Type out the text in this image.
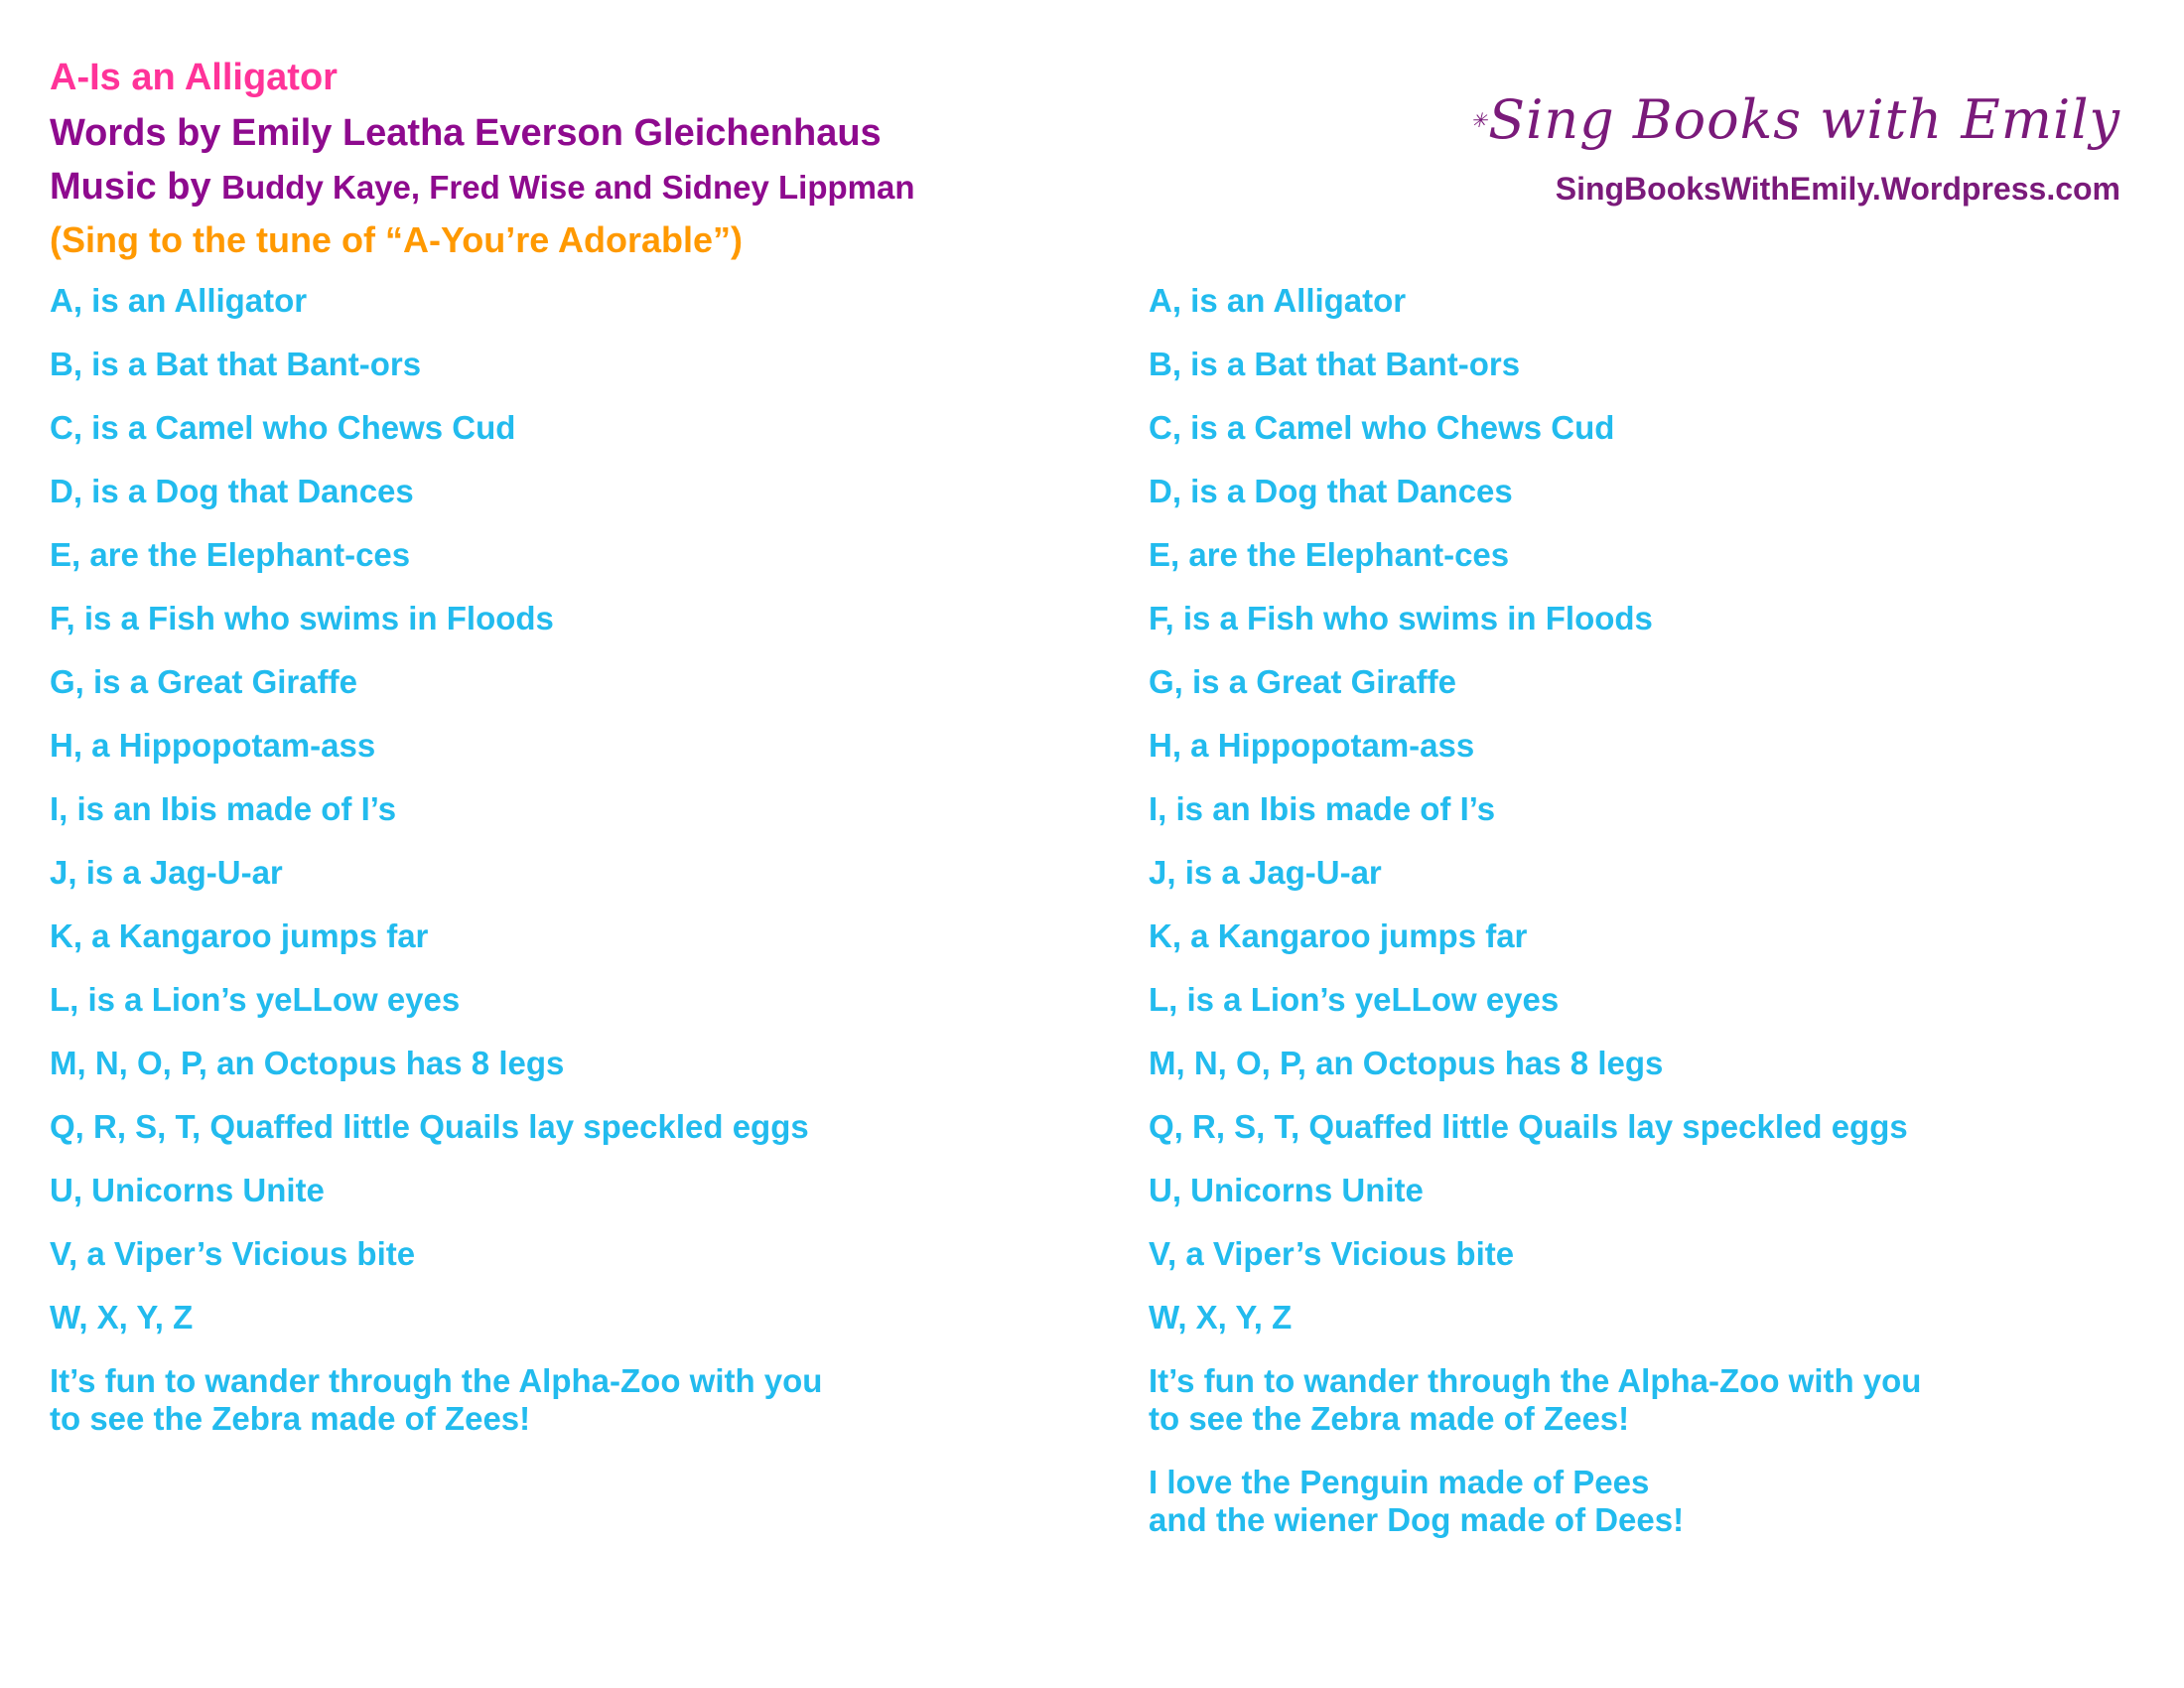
A-Is an Alligator
Words by Emily Leatha Everson Gleichenhaus
Music by Buddy Kaye, Fred Wise and Sidney Lippman
(Sing to the tune of “A-You’re Adorable”)
✳Sing Books with Emily
SingBooksWithEmily.Wordpress.com
A, is an Alligator
B, is a Bat that Bant-ors
C, is a Camel who Chews Cud
D, is a Dog that Dances
E, are the Elephant-ces
F, is a Fish who swims in Floods
G, is a Great Giraffe
H, a Hippopotam-ass
I, is an Ibis made of I’s
J, is a Jag-U-ar
K, a Kangaroo jumps far
L, is a Lion’s yeLLow eyes
M, N, O, P, an Octopus has 8 legs
Q, R, S, T, Quaffed little Quails lay speckled eggs
U, Unicorns Unite
V, a Viper’s Vicious bite
W, X, Y, Z
It’s fun to wander through the Alpha-Zoo with you
to see the Zebra made of Zees!
A, is an Alligator
B, is a Bat that Bant-ors
C, is a Camel who Chews Cud
D, is a Dog that Dances
E, are the Elephant-ces
F, is a Fish who swims in Floods
G, is a Great Giraffe
H, a Hippopotam-ass
I, is an Ibis made of I’s
J, is a Jag-U-ar
K, a Kangaroo jumps far
L, is a Lion’s yeLLow eyes
M, N, O, P, an Octopus has 8 legs
Q, R, S, T, Quaffed little Quails lay speckled eggs
U, Unicorns Unite
V, a Viper’s Vicious bite
W, X, Y, Z
It’s fun to wander through the Alpha-Zoo with you
to see the Zebra made of Zees!
I love the Penguin made of Pees
and the wiener Dog made of Dees!
